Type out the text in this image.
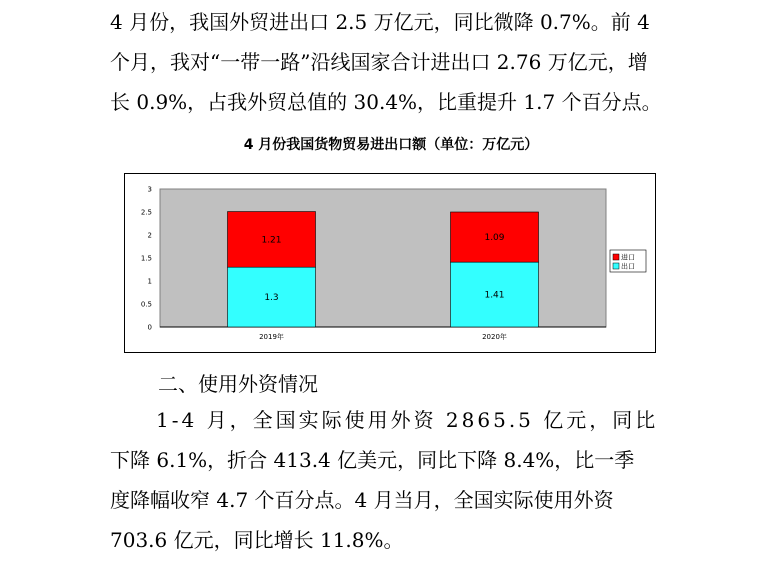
4 月份，我国外贸进出口 2.5 万亿元，同比微降 0.7%。前 4
个月，我对“一带一路”沿线国家合计进出口 2.76 万亿元，增
长 0.9%，占我外贸总值的 30.4%，比重提升 1.7 个百分点。
4 月份我国货物贸易进出口额（单位：万亿元）
0
0.5
1
1.5
2
2.5
3
1.3
1.21
2019年
1.41
1.09
2020年
进口
出口
二、使用外资情况
1-4 月，全国实际使用外资 2865.5 亿元，同比
下降 6.1%，折合 413.4 亿美元，同比下降 8.4%，比一季
度降幅收窄 4.7 个百分点。4 月当月，全国实际使用外资
703.6 亿元，同比增长 11.8%。
